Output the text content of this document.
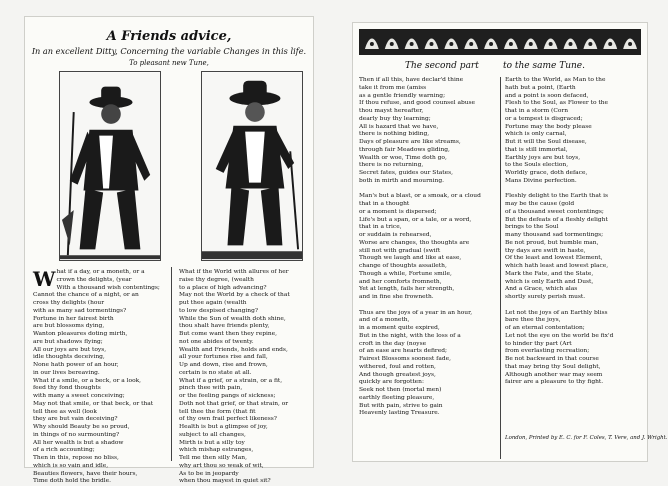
A Friends advice,
In an excellent Ditty, Concerning the variable Changes in this life.
To pleasant new Tune,
What if a day, or a moneth, or a
crown the delights, (year
With a thousand wish contentings;
Cannot the chance of a night, or an
cross thy delights (hour
with as many sad tormentings?
Fortune in her fairest birth
are but blossoms dying,
Wanton pleasures doting mirth,
are but shadows flying;
All our joys are but toys,
idle thoughts deceiving,
None hath power of an hour,
in our lives bereaving.
What if a smile, or a beck, or a look,
feed thy fond thoughts
with many a sweet conceiving;
May not that smile, or that beck, or that
tell thee as well (look
they are but vain deceiving?
Why should Beauty be so proud,
in things of no surmounting?
All her wealth is but a shadow
of a rich accounting;
Then in this, repose no bliss,
which is so vain and idle,
Beauties flowers, have their hours,
Time doth hold the bridle.
What if the World with allures of her
raise thy degree, (wealth
to a place of high advancing?
May not the World by a check of that
put thee again (wealth
to low despised changing?
While the Sun of wealth doth shine,
thou shalt have friends plenty,
But come want then they repine,
not one abides of twenty.
Wealth and Friends, holds and ends,
all your fortunes rise and fall,
Up and down, rise and frown,
certain is no state at all.
What if a grief, or a strain, or a fit,
pinch thee with pain,
or the feeling pangs of sickness;
Doth not that grief, or that strain, or
tell thee the form (that fit
of thy own frail perfect likeness?
Health is but a glimpse of joy,
subject to all changes,
Mirth is but a silly toy
which mishap estranges,
Tell me then silly Man,
why art thou so weak of wit,
As to be in jeopardy
when thou mayest in quiet sit?
The second part	to the same Tune.
Then if all this, have declar'd thine
take it from me (amiss
as a gentle friendly warning;
If thou refuse, and good counsel abuse
thou mayst hereafter,
dearly buy thy learning;
All is hazard that we have,
there is nothing biding,
Days of pleasure are like streams,
through fair Meadows gliding,
Wealth or woe, Time doth go,
there is no returning,
Secret fates, guides our States,
both in mirth and mourning.

Man's but a blast, or a smoak, or a cloud
that in a thought
or a moment is dispersed;
Life's but a span, or a tale, or a word,
that in a trice,
or suddain is rehearsed,
Worse are changes, tho thoughts are
still not with gradual (swift
Though we laugh and like at ease,
change of thoughts assaileth,
Though a while, Fortune smile,
and her comforts fromneth,
Yet at length, fails her strength,
and in fine she frowneth.

Thus are the joys of a year in an hour,
and of a moneth,
in a moment quite expired,
But in the night, with the loss of a
croft in the day (noyse
of an ease are hearts defired;
Fairest Blossoms soonest fade,
withered, foul and rotten,
And though greatest joys,
quickly are forgotten:
Seek not then (mortal men)
earthly fleeting pleasure,
But with pain, strive to gain
Heavenly lasting Treasure.
Earth to the World, as Man to the
hath but a point, (Earth
and a point is soon defaced,
Flesh to the Soul, as Flower to the
that in a storm (Corn
or a tempest is disgraced;
Fortune may the body please
which is only carnal,
But it will the Soul disease,
that is still immortal,
Earthly joys are but toys,
to the Souls election,
Worldly grace, doth deface,
Mans Divine perfection.

Fleshly delight to the Earth that is
may be the cause (gold
of a thousand sweet contentings;
But the defeats of a fleshly delight
brings to the Soul
many thousand sad tormentings;
Be not proud, but humble man,
thy days are swift in haste,
Of the least and lowest Element,
which hath least and lowest place,
Mark the Fate, and the State,
which is only Earth and Dust,
And a Grace, which alas
shortly surely perish must.

Let not the joys of an Earthly bliss
bare thee the joys,
of an eternal contentation;
Let not the eye on the world be fix'd
to hinder thy part (Art
from everlasting recreation;
Be not backward in that course
that may bring thy Soul delight,
Although another war may seem
fairer are a pleasure to thy fight.
London, Printed by E. C. for F. Coles, T. Vere, and J. Wright.
